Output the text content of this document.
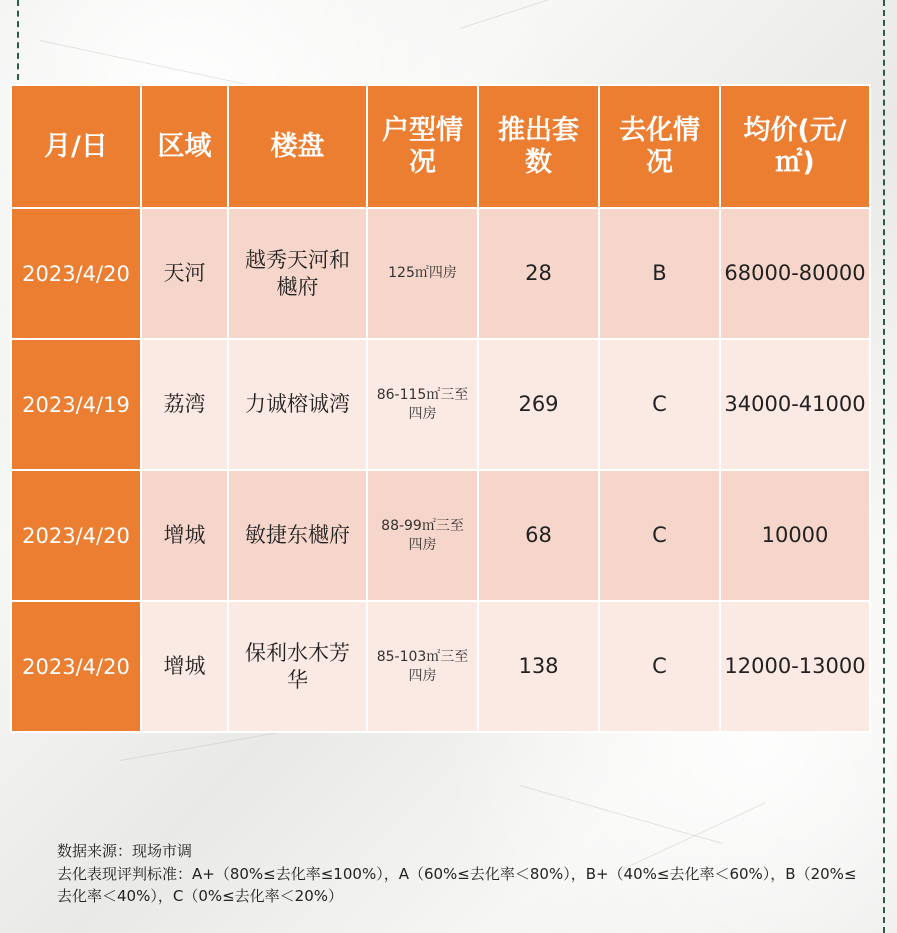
月/日	区域	楼盘	户型情况	推出套数	去化情况	均价(元/㎡)
2023/4/20	天河	越秀天河和樾府	125㎡四房	28	B	68000-80000
2023/4/19	荔湾	力诚榕诚湾	86-115㎡三至四房	269	C	34000-41000
2023/4/20	增城	敏捷东樾府	88-99㎡三至四房	68	C	10000
2023/4/20	增城	保利水木芳华	85-103㎡三至四房	138	C	12000-13000
数据来源：现场市调
去化表现评判标准：A+（80%≤去化率≤100%），A（60%≤去化率＜80%），B+（40%≤去化率＜60%），B（20%≤去化率＜40%），C（0%≤去化率＜20%）
